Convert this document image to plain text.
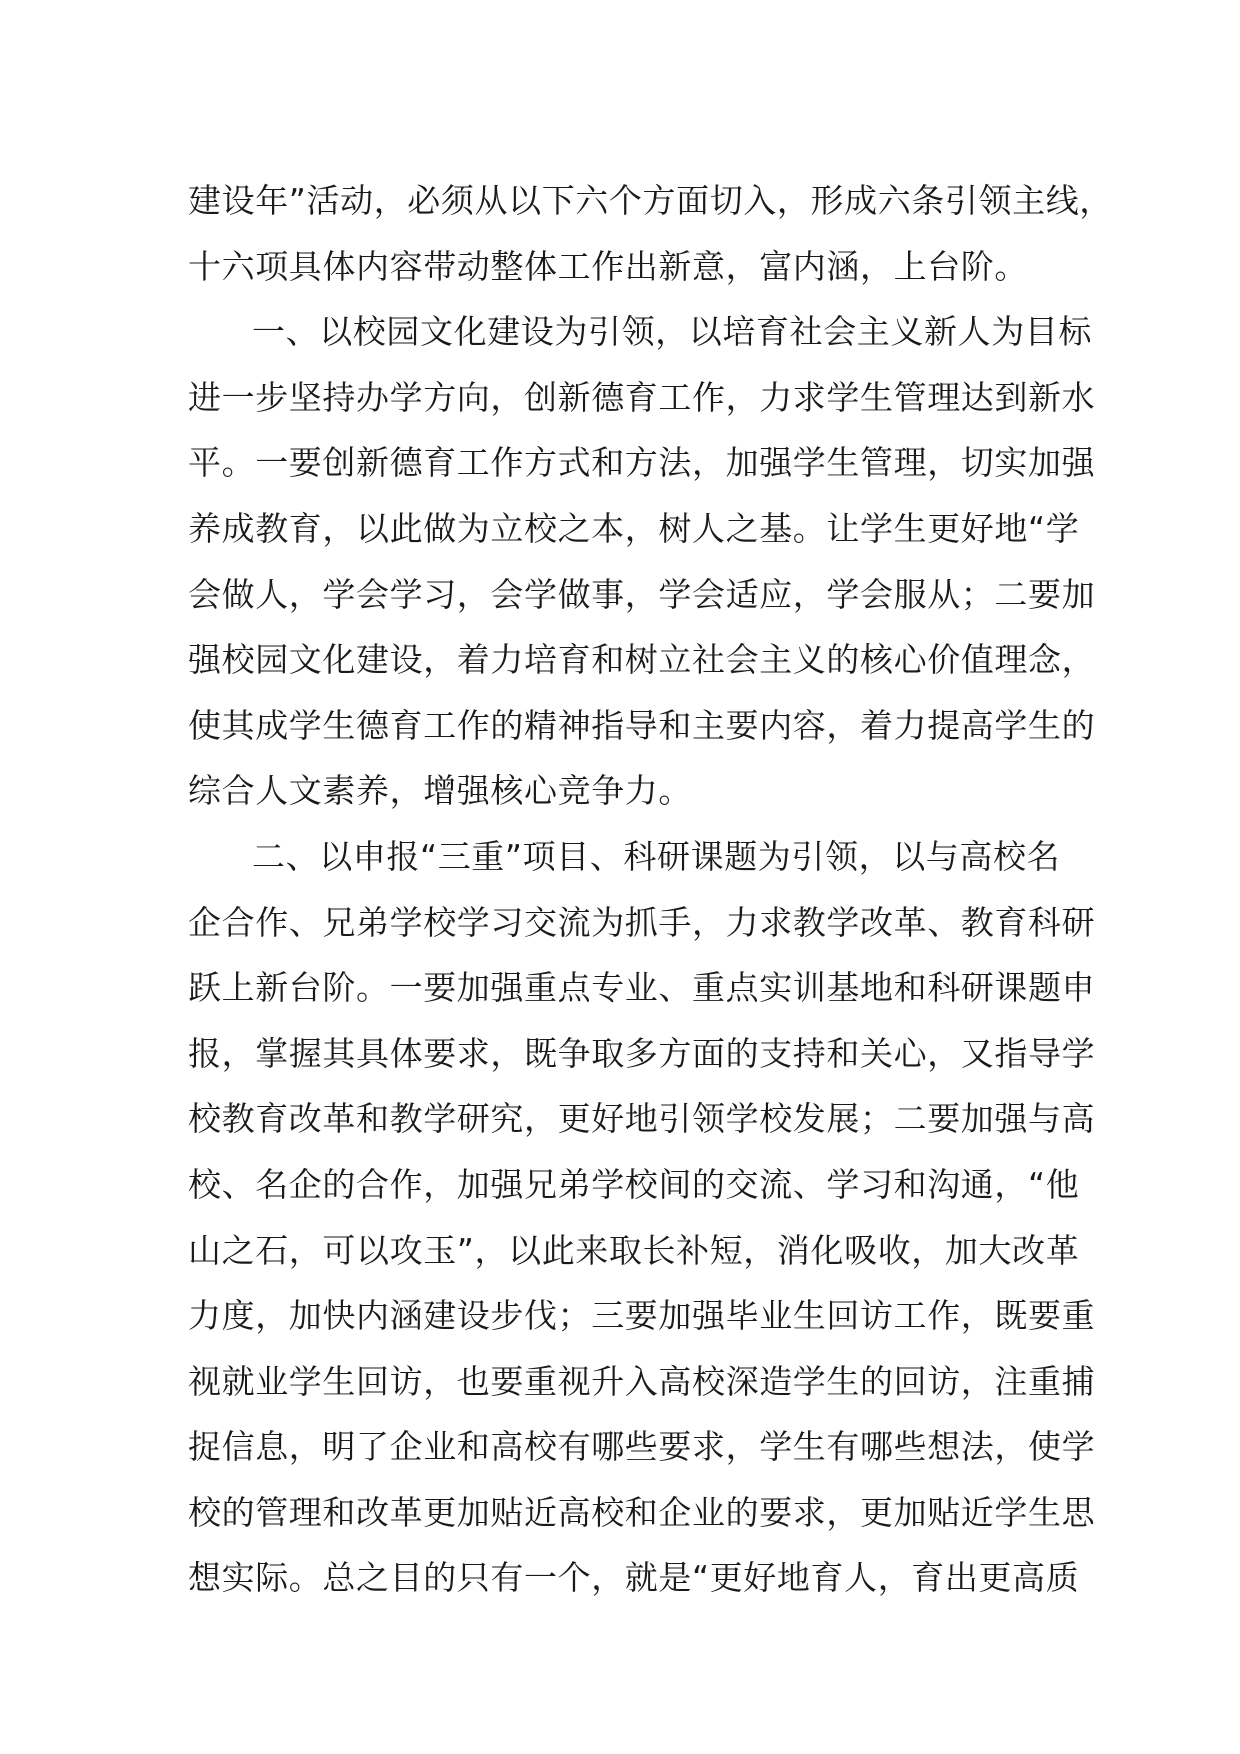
建设年”活动，必须从以下六个方面切入，形成六条引领主线，
十六项具体内容带动整体工作出新意，富内涵，上台阶。
一、以校园文化建设为引领，以培育社会主义新人为目标
进一步坚持办学方向，创新德育工作，力求学生管理达到新水
平。一要创新德育工作方式和方法，加强学生管理，切实加强
养成教育，以此做为立校之本，树人之基。让学生更好地“学
会做人，学会学习，会学做事，学会适应，学会服从；二要加
强校园文化建设，着力培育和树立社会主义的核心价值理念，
使其成学生德育工作的精神指导和主要内容，着力提高学生的
综合人文素养，增强核心竞争力。
二、以申报“三重”项目、科研课题为引领，以与高校名
企合作、兄弟学校学习交流为抓手，力求教学改革、教育科研
跃上新台阶。一要加强重点专业、重点实训基地和科研课题申
报，掌握其具体要求，既争取多方面的支持和关心，又指导学
校教育改革和教学研究，更好地引领学校发展；二要加强与高
校、名企的合作，加强兄弟学校间的交流、学习和沟通，“他
山之石，可以攻玉”，以此来取长补短，消化吸收，加大改革
力度，加快内涵建设步伐；三要加强毕业生回访工作，既要重
视就业学生回访，也要重视升入高校深造学生的回访，注重捕
捉信息，明了企业和高校有哪些要求，学生有哪些想法，使学
校的管理和改革更加贴近高校和企业的要求，更加贴近学生思
想实际。总之目的只有一个，就是“更好地育人，育出更高质
